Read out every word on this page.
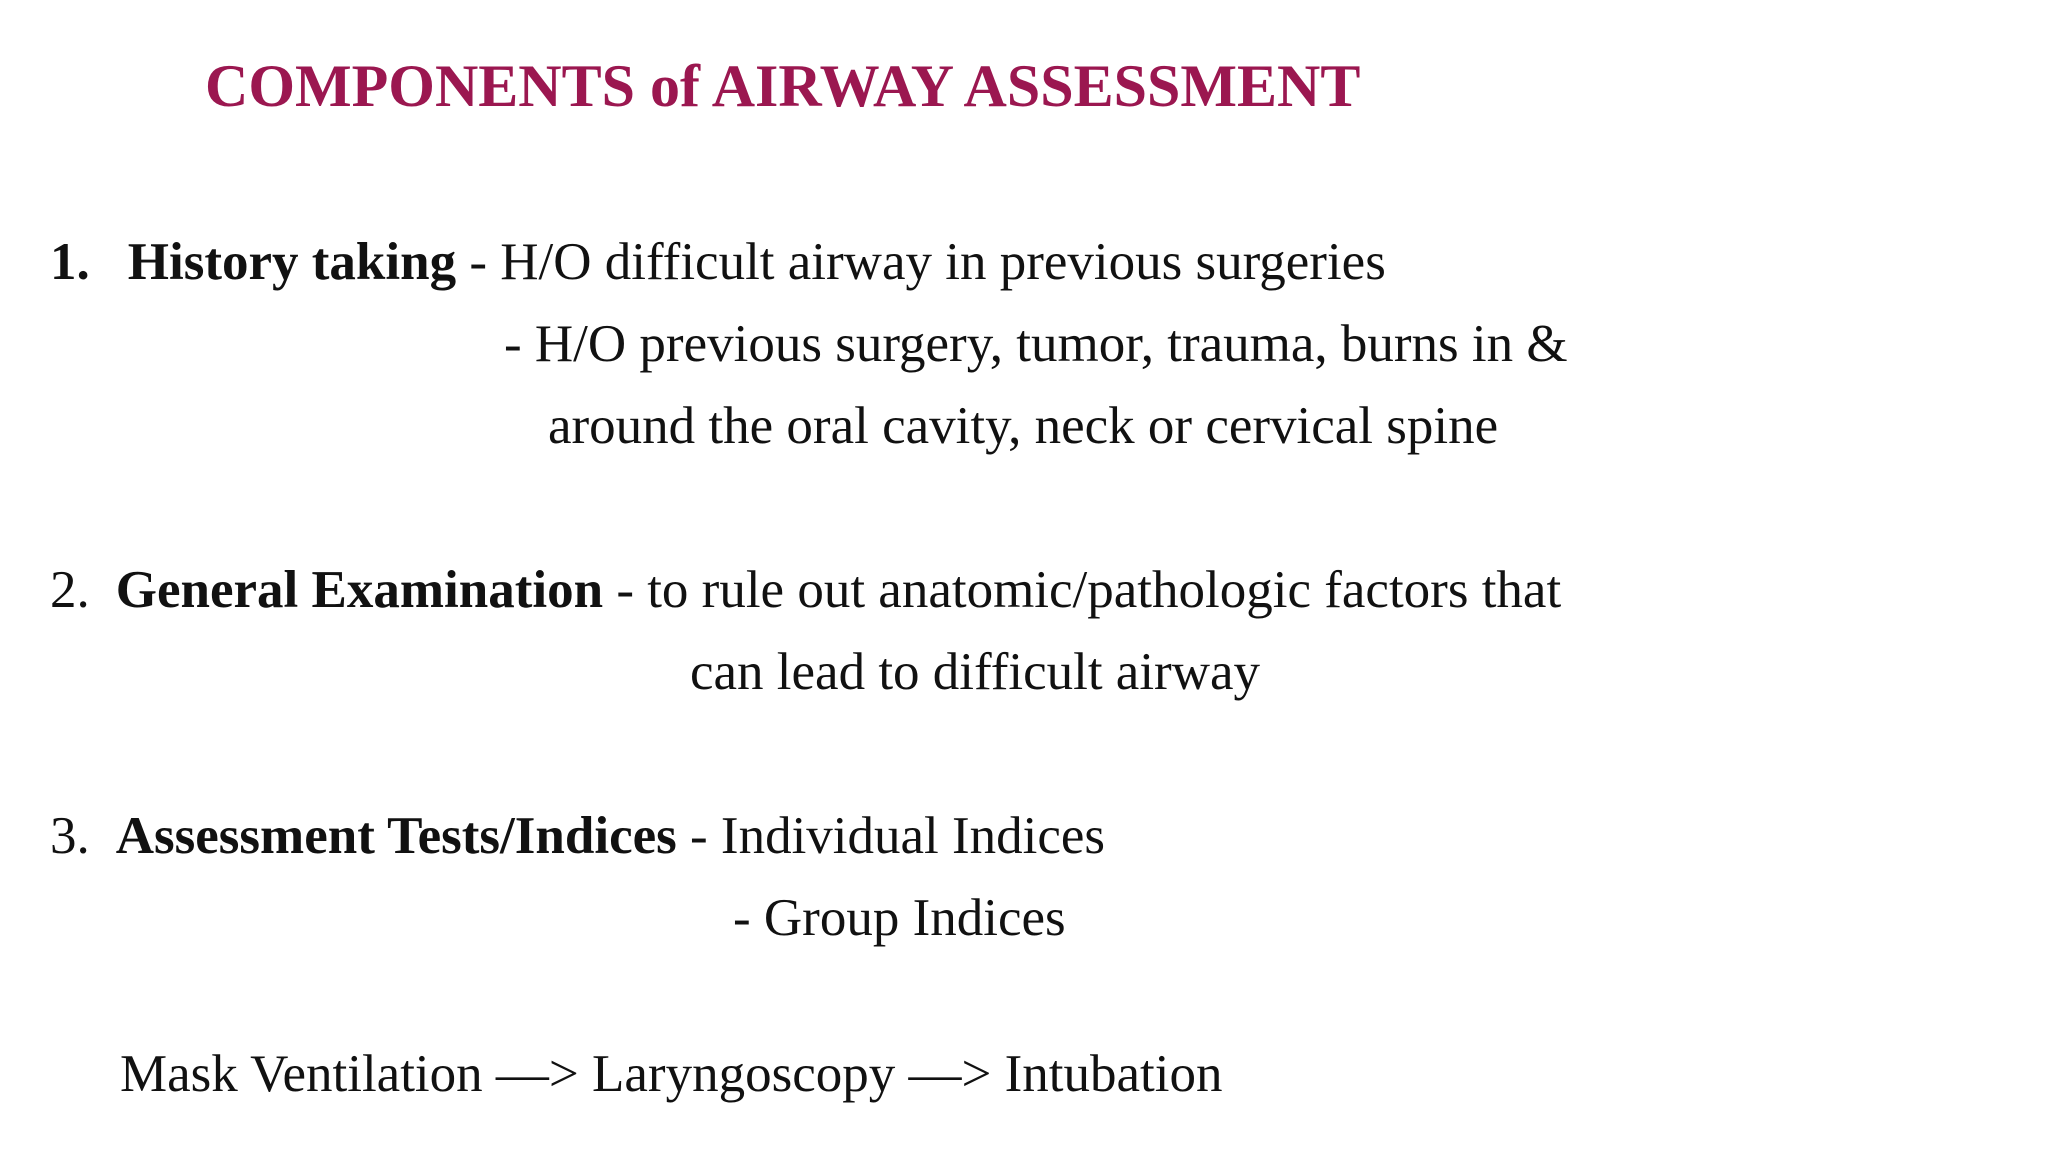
COMPONENTS of AIRWAY ASSESSMENT
1. History taking - H/O difficult airway in previous surgeries
- H/O previous surgery, tumor, trauma, burns in &
around the oral cavity, neck or cervical spine
2. General Examination - to rule out anatomic/pathologic factors that
can lead to difficult airway
3. Assessment Tests/Indices - Individual Indices
- Group Indices
Mask Ventilation —> Laryngoscopy —> Intubation
